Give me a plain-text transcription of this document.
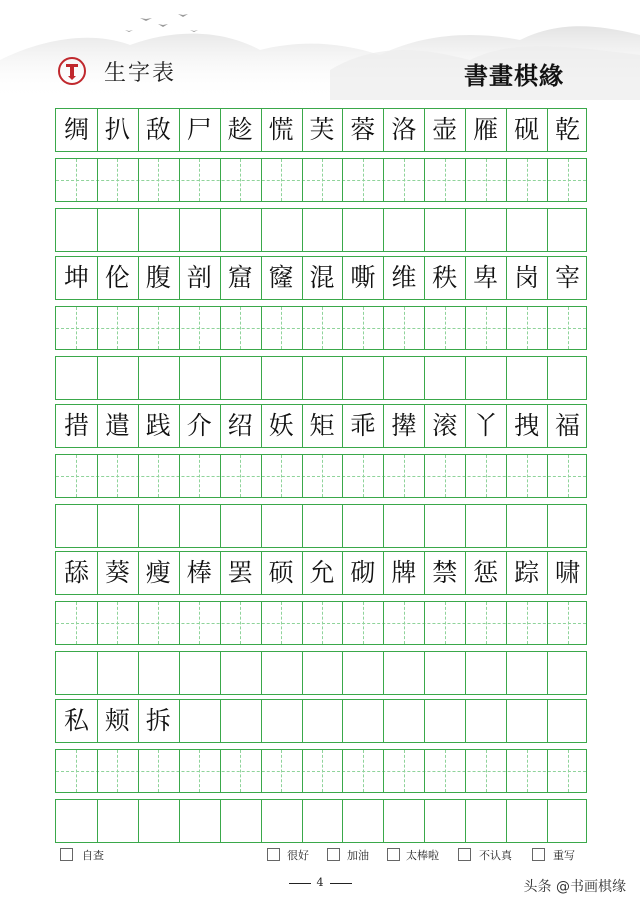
生字表	書畫棋緣
绸 扒 敌 尸 趁 慌 芙 蓉 洛 壶 雁 砚 乾
坤 伦 腹 剖 窟 窿 混 嘶 维 秩 卑 岗 宰
措 遣 践 介 绍 妖 矩 乖 撵 滚 丫 拽 福
舔 葵 瘦 棒 罢 硕 允 砌 牌 禁 惩 踪 啸
私 颊 拆
自查	很好	加油	太棒啦	不认真	重写
4	头条 @书画棋缘
